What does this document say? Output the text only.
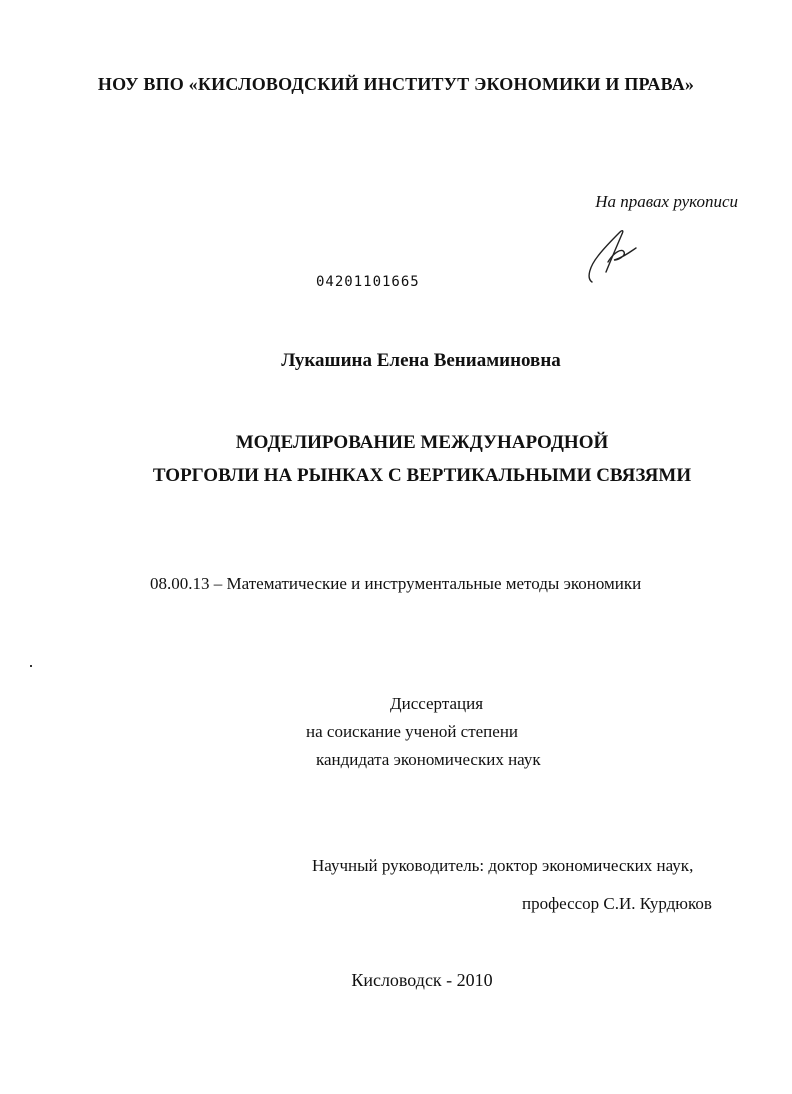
НОУ ВПО «КИСЛОВОДСКИЙ ИНСТИТУТ ЭКОНОМИКИ И ПРАВА»
На правах рукописи
04201101665
Лукашина Елена Вениаминовна
МОДЕЛИРОВАНИЕ МЕЖДУНАРОДНОЙ
ТОРГОВЛИ НА РЫНКАХ С ВЕРТИКАЛЬНЫМИ СВЯЗЯМИ
08.00.13 – Математические и инструментальные методы экономики
Диссертация
на соискание ученой степени
кандидата экономических наук
Научный руководитель: доктор экономических наук,
профессор С.И. Курдюков
Кисловодск - 2010
